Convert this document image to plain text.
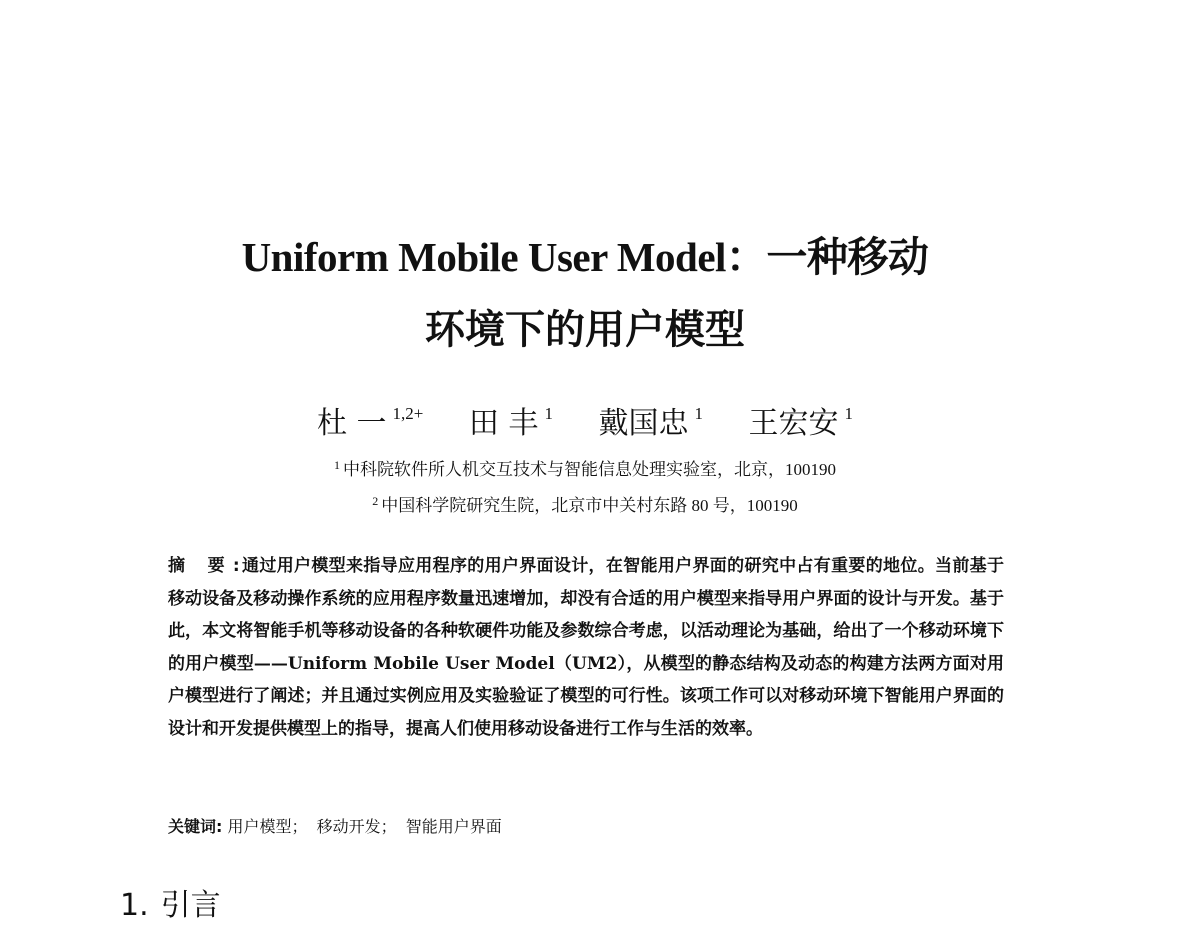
Uniform Mobile User Model：一种移动
环境下的用户模型
杜 一 $^{1,2+}$ 田 丰 $^1$ 戴国忠 $^1$ 王宏安 $^1$
$^1$ 中科院软件所人机交互技术与智能信息处理实验室，北京，100190
$^2$ 中国科学院研究生院，北京市中关村东路 80 号，100190
摘 要: 通过用户模型来指导应用程序的用户界面设计，在智能用户界面的研究中占有重要的地位。当前基于移动设备及移动操作系统的应用程序数量迅速增加，却没有合适的用户模型来指导用户界面的设计与开发。基于此，本文将智能手机等移动设备的各种软硬件功能及参数综合考虑，以活动理论为基础，给出了一个移动环境下的用户模型——Uniform Mobile User Model（UM2），从模型的静态结构及动态的构建方法两方面对用户模型进行了阐述；并且通过实例应用及实验验证了模型的可行性。该项工作可以对移动环境下智能用户界面的设计和开发提供模型上的指导，提高人们使用移动设备进行工作与生活的效率。
关键词: 用户模型； 移动开发； 智能用户界面
1. 引言
